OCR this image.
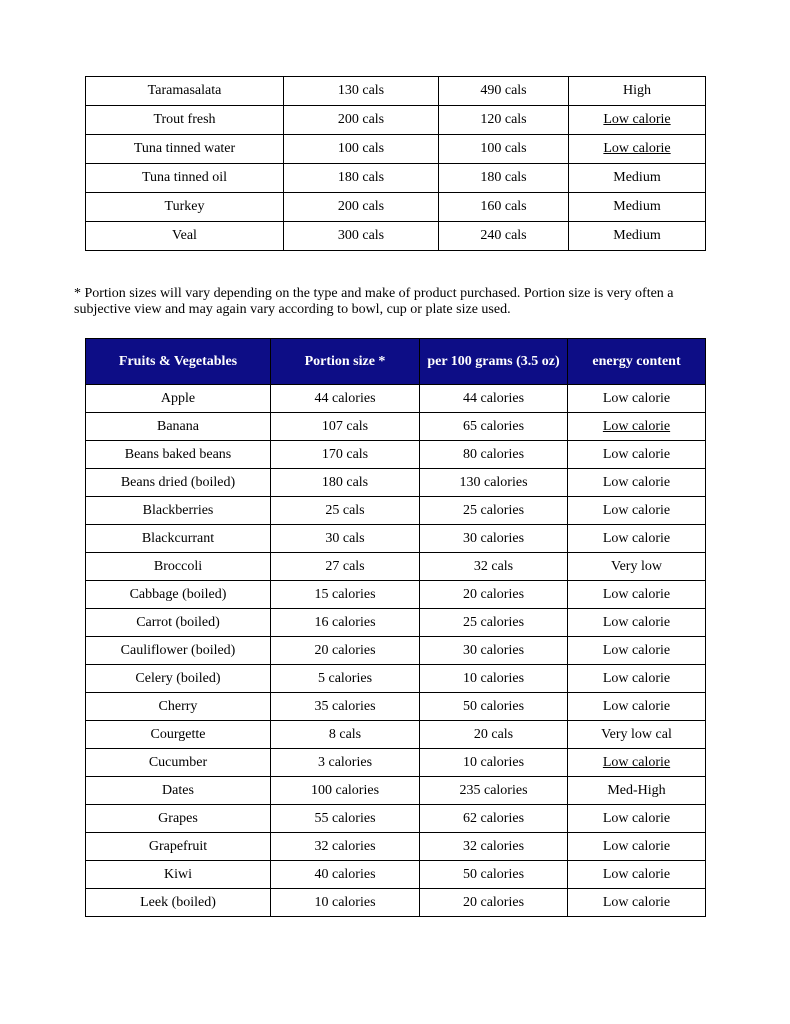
Taramasalata	130 cals	490 cals	High
Trout fresh	200 cals	120 cals	Low calorie
Tuna tinned water	100 cals	100 cals	Low calorie
Tuna tinned oil	180 cals	180 cals	Medium
Turkey	200 cals	160 cals	Medium
Veal	300 cals	240 cals	Medium
* Portion sizes will vary depending on the type and make of product purchased. Portion size is very often a subjective view and may again vary according to bowl, cup or plate size used.
Fruits & Vegetables	Portion size *	per 100 grams (3.5 oz)	energy content
Apple	44 calories	44 calories	Low calorie
Banana	107 cals	65 calories	Low calorie
Beans baked beans	170 cals	80 calories	Low calorie
Beans dried (boiled)	180 cals	130 calories	Low calorie
Blackberries	25 cals	25 calories	Low calorie
Blackcurrant	30 cals	30 calories	Low calorie
Broccoli	27 cals	32 cals	Very low
Cabbage (boiled)	15 calories	20 calories	Low calorie
Carrot (boiled)	16 calories	25 calories	Low calorie
Cauliflower (boiled)	20 calories	30 calories	Low calorie
Celery (boiled)	5 calories	10 calories	Low calorie
Cherry	35 calories	50 calories	Low calorie
Courgette	8 cals	20 cals	Very low cal
Cucumber	3 calories	10 calories	Low calorie
Dates	100 calories	235 calories	Med-High
Grapes	55 calories	62 calories	Low calorie
Grapefruit	32 calories	32 calories	Low calorie
Kiwi	40 calories	50 calories	Low calorie
Leek (boiled)	10 calories	20 calories	Low calorie
